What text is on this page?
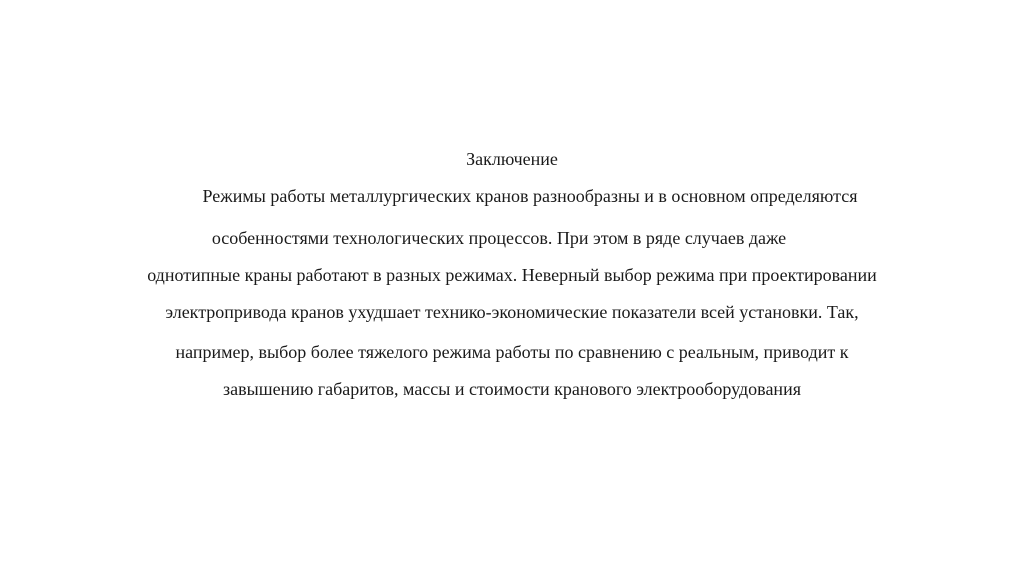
Заключение

Режимы работы металлургических кранов разнообразны и в основном определяются

особенностями технологических процессов. При этом в ряде случаев даже

однотипные краны работают в разных режимах. Неверный выбор режима при проектировании

электропривода кранов ухудшает технико-экономические показатели всей установки. Так,

например, выбор более тяжелого режима работы по сравнению с реальным, приводит к

завышению габаритов, массы и стоимости кранового электрооборудования
